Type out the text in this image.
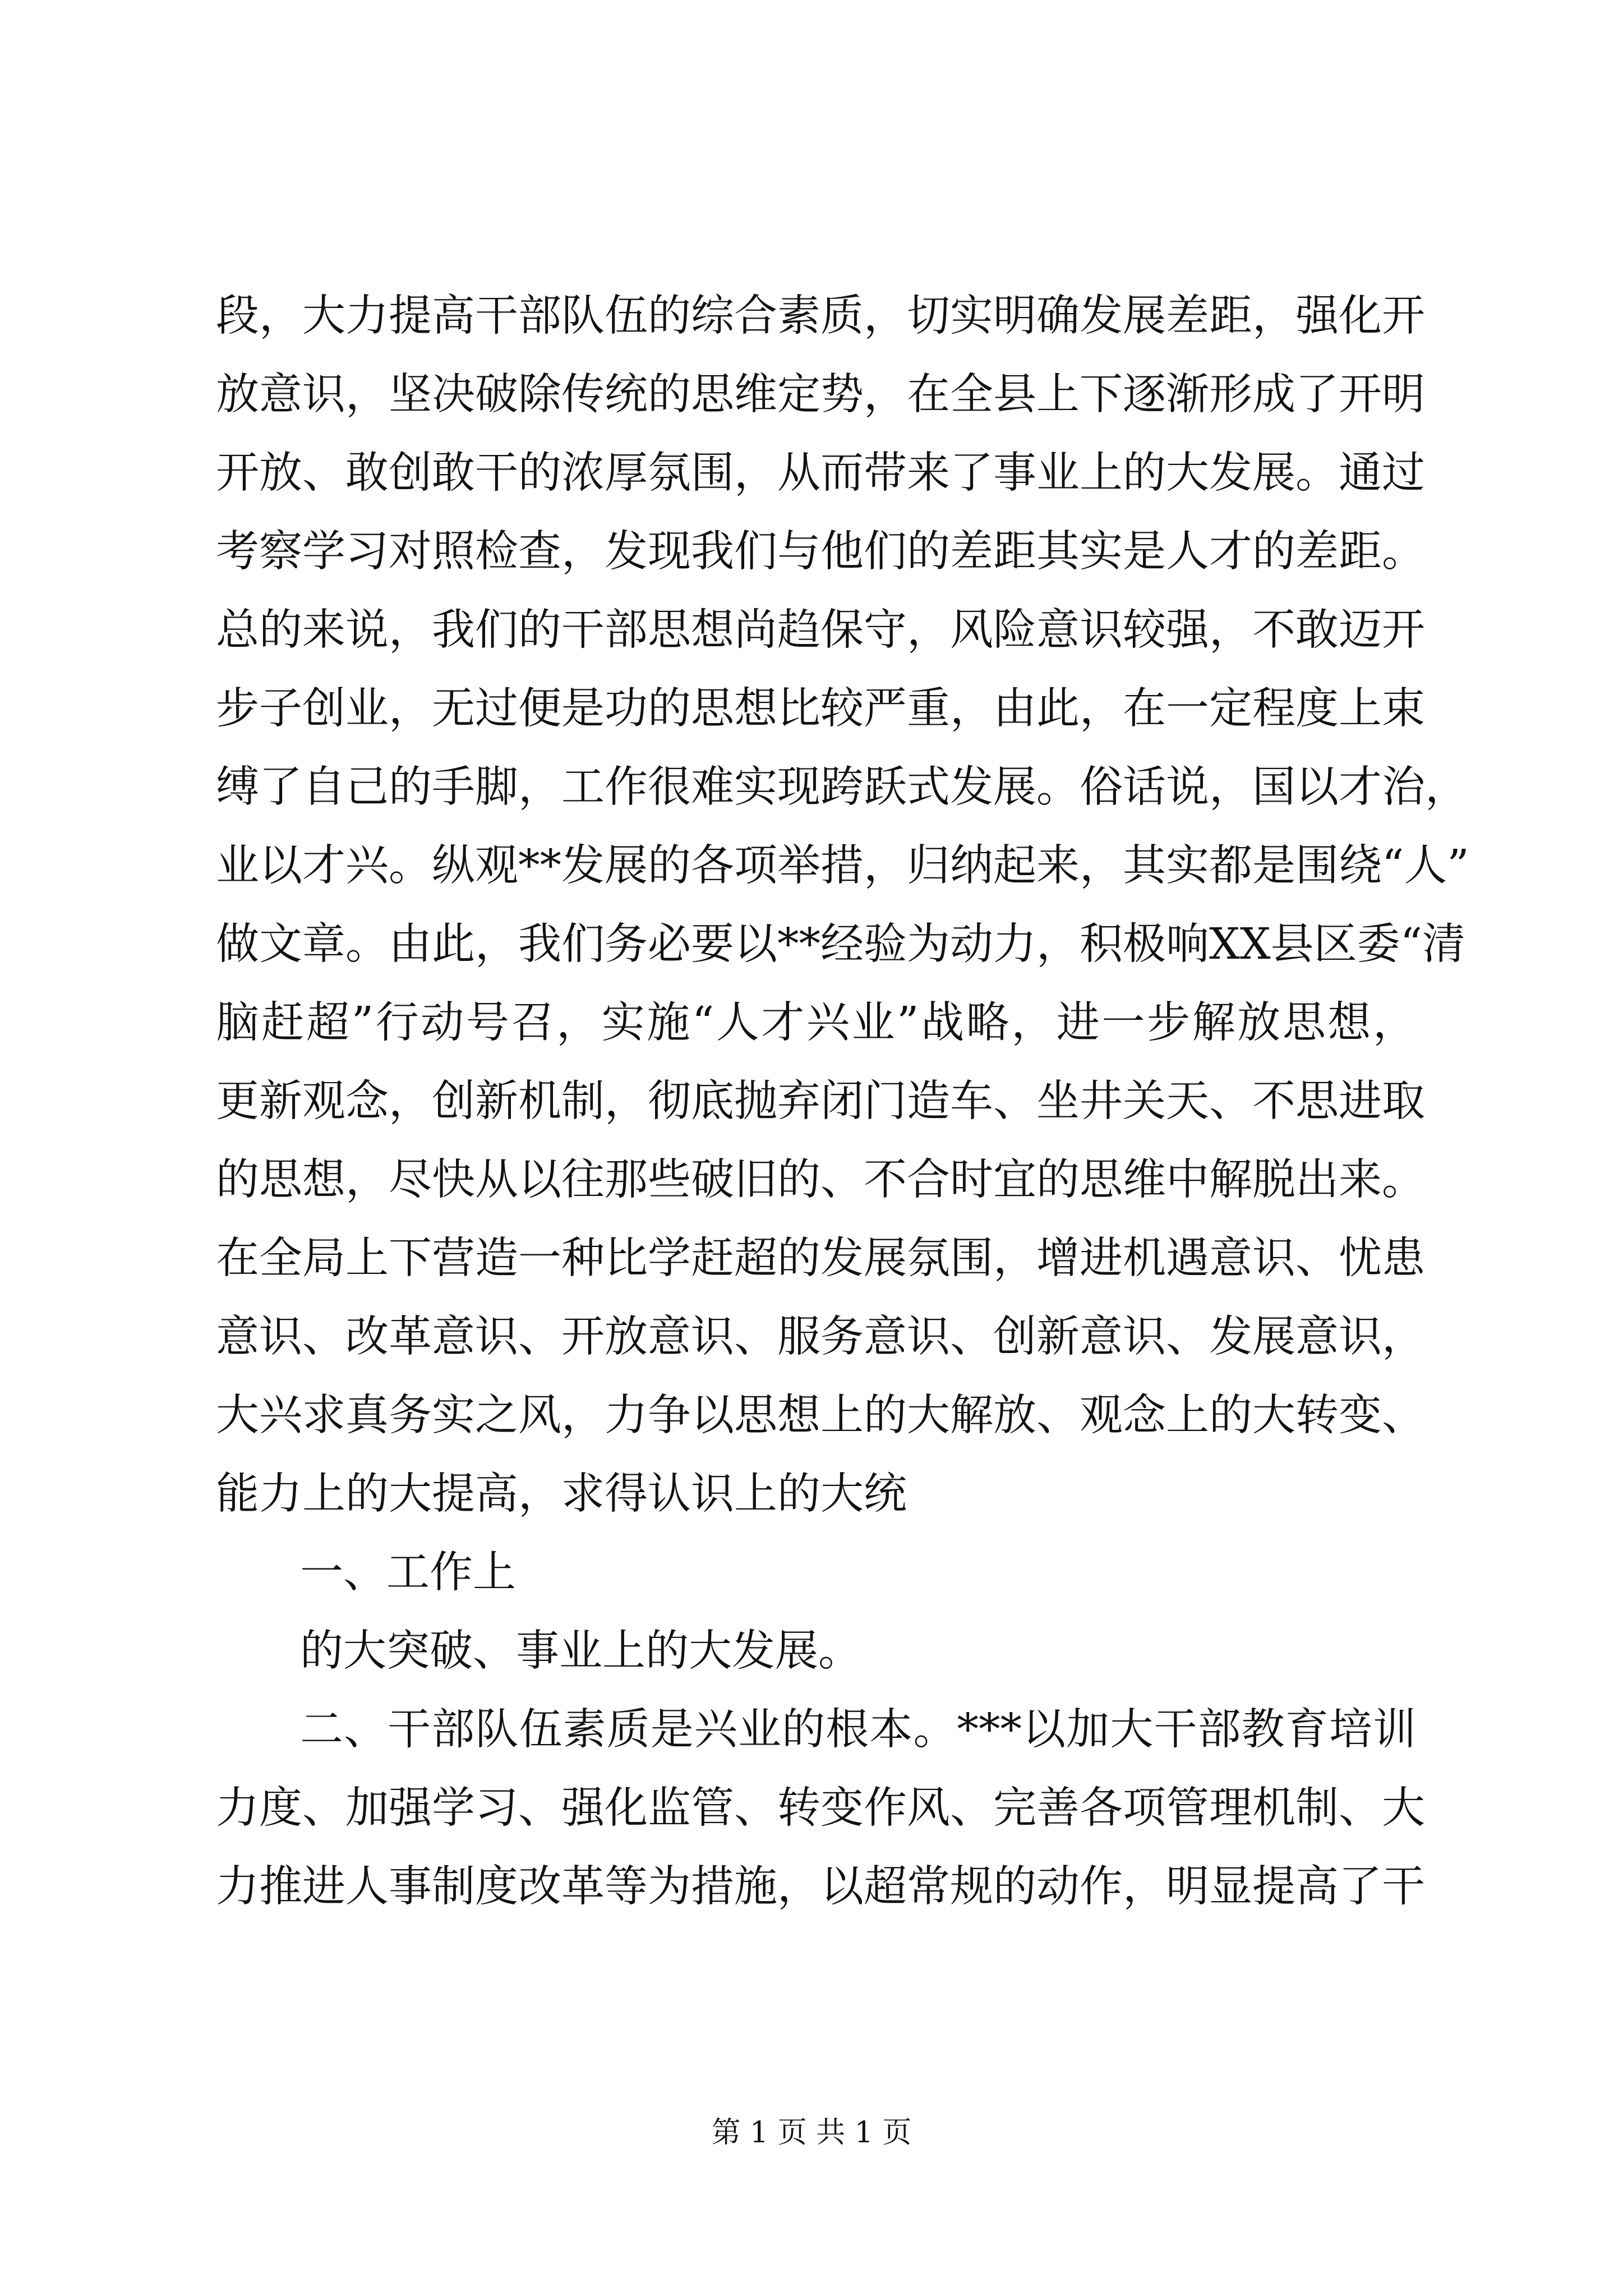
段，大力提高干部队伍的综合素质，切实明确发展差距，强化开
放意识，坚决破除传统的思维定势，在全县上下逐渐形成了开明
开放、敢创敢干的浓厚氛围，从而带来了事业上的大发展。通过
考察学习对照检查，发现我们与他们的差距其实是人才的差距。
总的来说，我们的干部思想尚趋保守，风险意识较强，不敢迈开
步子创业，无过便是功的思想比较严重，由此，在一定程度上束
缚了自己的手脚，工作很难实现跨跃式发展。俗话说，国以才治，
业以才兴。纵观**发展的各项举措，归纳起来，其实都是围绕“人”
做文章。由此，我们务必要以**经验为动力，积极响XX县区委“清
脑赶超”行动号召，实施“人才兴业”战略，进一步解放思想，
更新观念，创新机制，彻底抛弃闭门造车、坐井关天、不思进取
的思想，尽快从以往那些破旧的、不合时宜的思维中解脱出来。
在全局上下营造一种比学赶超的发展氛围，增进机遇意识、忧患
意识、改革意识、开放意识、服务意识、创新意识、发展意识，
大兴求真务实之风，力争以思想上的大解放、观念上的大转变、
能力上的大提高，求得认识上的大统
一、工作上
的大突破、事业上的大发展。
二、干部队伍素质是兴业的根本。***以加大干部教育培训
力度、加强学习、强化监管、转变作风、完善各项管理机制、大
力推进人事制度改革等为措施，以超常规的动作，明显提高了干
第 1 页 共 1 页
